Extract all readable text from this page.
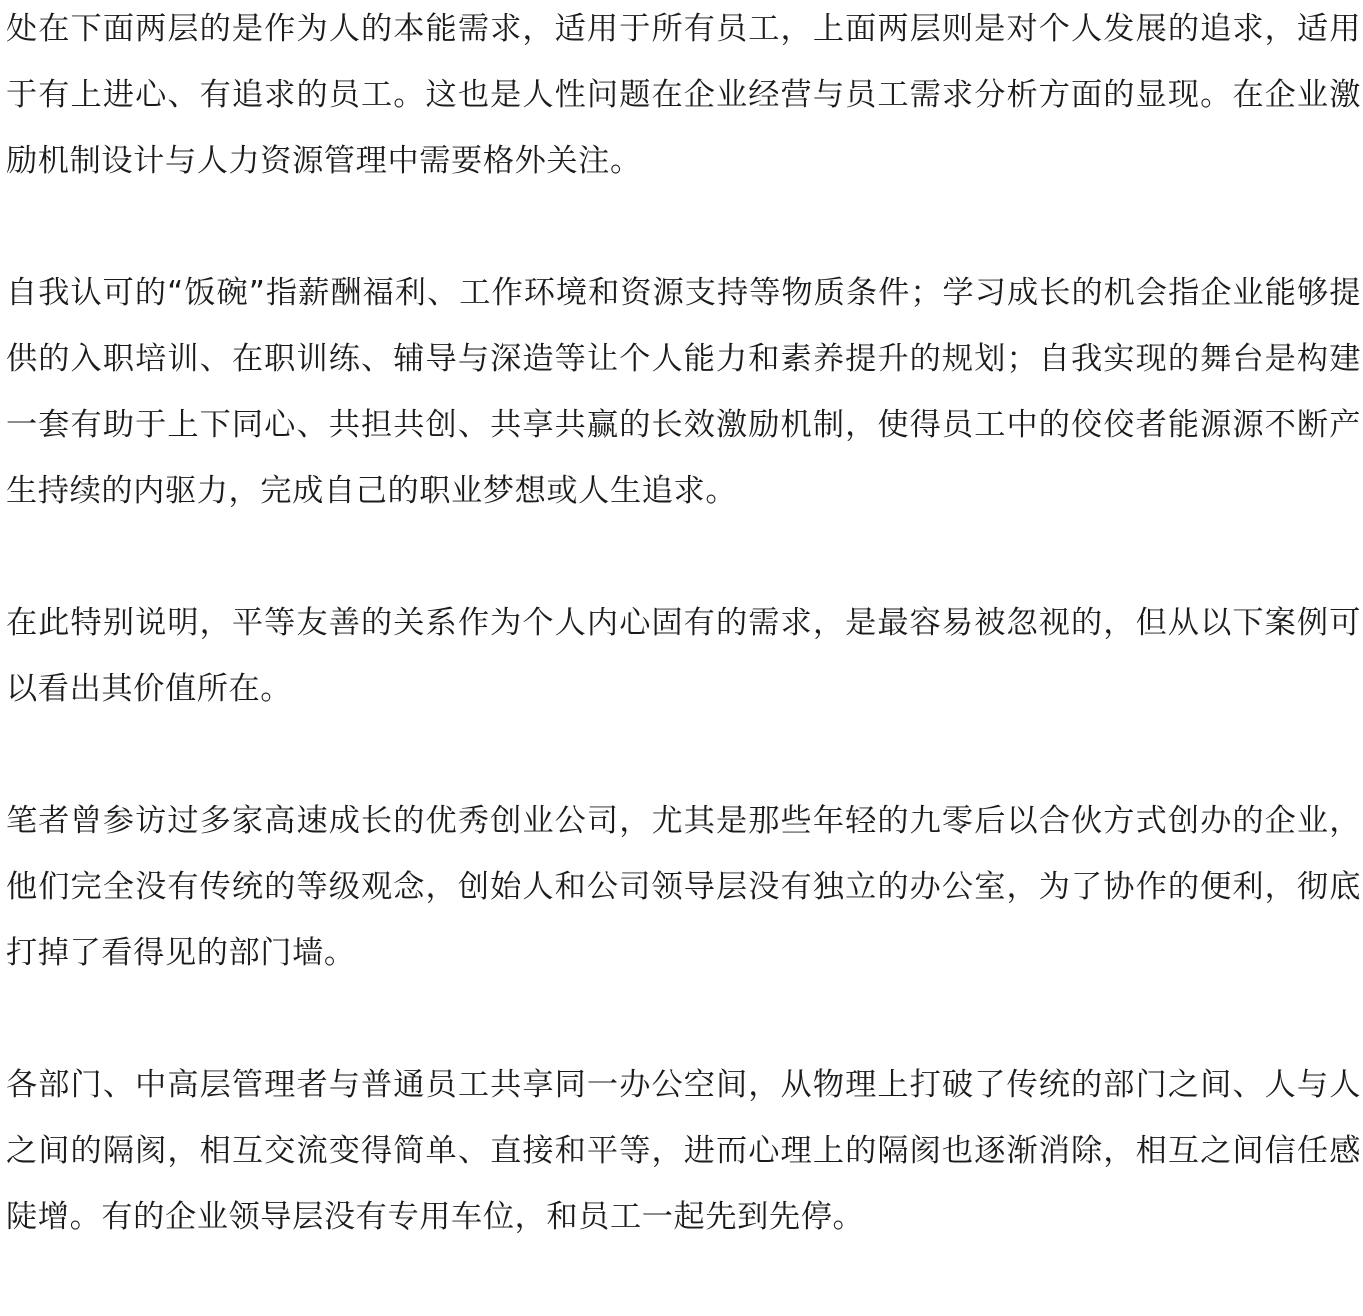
处在下面两层的是作为人的本能需求，适用于所有员工，上面两层则是对个人发展的追求，适用于有上进心、有追求的员工。这也是人性问题在企业经营与员工需求分析方面的显现。在企业激励机制设计与人力资源管理中需要格外关注。

自我认可的“饭碗”指薪酬福利、工作环境和资源支持等物质条件；学习成长的机会指企业能够提供的入职培训、在职训练、辅导与深造等让个人能力和素养提升的规划；自我实现的舞台是构建一套有助于上下同心、共担共创、共享共赢的长效激励机制，使得员工中的佼佼者能源源不断产生持续的内驱力，完成自己的职业梦想或人生追求。

在此特别说明，平等友善的关系作为个人内心固有的需求，是最容易被忽视的，但从以下案例可以看出其价值所在。

笔者曾参访过多家高速成长的优秀创业公司，尤其是那些年轻的九零后以合伙方式创办的企业，他们完全没有传统的等级观念，创始人和公司领导层没有独立的办公室，为了协作的便利，彻底打掉了看得见的部门墙。

各部门、中高层管理者与普通员工共享同一办公空间，从物理上打破了传统的部门之间、人与人之间的隔阂，相互交流变得简单、直接和平等，进而心理上的隔阂也逐渐消除，相互之间信任感陡增。有的企业领导层没有专用车位，和员工一起先到先停。
